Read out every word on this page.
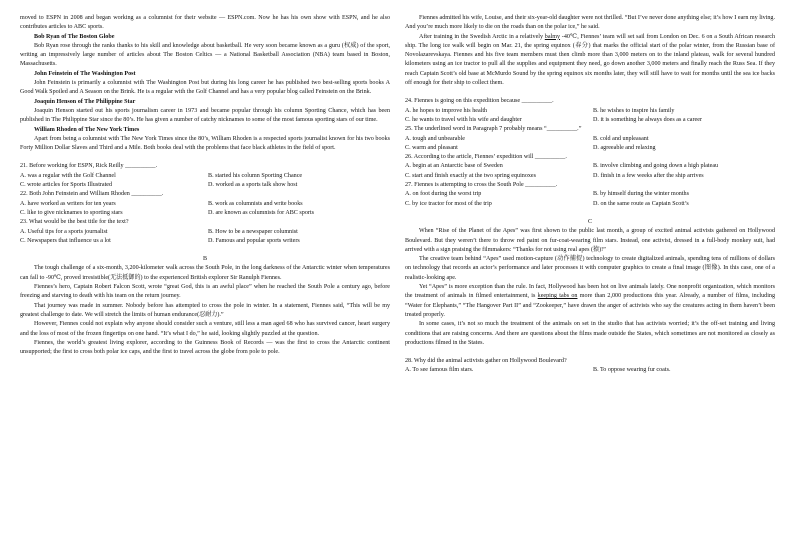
moved to ESPN in 2008 and began working as a columnist for their website — ESPN.com. Now he has his own show with ESPN, and he also contributes articles to ABC sports.

Bob Ryan of The Boston Globe

Bob Ryan rose through the ranks thanks to his skill and knowledge about basketball. He very soon became known as a guru (权威) of the sport, writing an impressively large number of articles about The Boston Celtics — a National Basketball Association (NBA) team based in Boston, Massachusetts.

John Feinstein of The Washington Post

John Feinstein is primarily a columnist with The Washington Post but during his long career he has published two best-selling sports books A Good Walk Spoiled and A Season on the Brink. He is a regular with the Golf Channel and has a very popular blog called Feinstein on the Brink.

Joaquin Henson of The Philippine Star

Joaquin Henson started out his sports journalism career in 1973 and became popular through his column Sporting Chance, which has been published in The Philippine Star since the 80’s. He has given a number of catchy nicknames to some of the most famous sporting stars of our time.

William Rhoden of The New York Times

Apart from being a columnist with The New York Times since the 80’s, William Rhoden is a respected sports journalist known for his two books Forty Million Dollar Slaves and Third and a Mile. Both books deal with the problems that face black athletes in the field of sport.

21. Before working for ESPN, Rick Reilly __________.

A. was a regular with the Golf Channel	B. started his column Sporting Chance
C. wrote articles for Sports Illustrated	D. worked as a sports talk show host

22. Both John Feinstein and William Rhoden __________.

A. have worked as writers for ten years	B. work as columnists and write books
C. like to give nicknames to sporting stars	D. are known as columnists for ABC sports

23. What would be the best title for the text?

A. Useful tips for a sports journalist	B. How to be a newspaper columnist
C. Newspapers that influence us a lot	D. Famous and popular sports writers

B

The tough challenge of a six-month, 3,200-kilometer walk across the South Pole, in the long darkness of the Antarctic winter when temperatures can fall to -90℃, proved irresistible(无法抵御的) to the experienced British explorer Sir Ranulph Fiennes.

Fiennes’s hero, Captain Robert Falcon Scott, wrote “great God, this is an awful place” when he reached the South Pole a century ago, before freezing and starving to death with his team on the return journey.

That journey was made in summer. Nobody before has attempted to cross the pole in winter. In a statement, Fiennes said, “This will be my greatest challenge to date. We will stretch the limits of human endurance(忍耐力).”

However, Fiennes could not explain why anyone should consider such a venture, still less a man aged 68 who has survived cancer, heart surgery and the loss of most of the frozen fingertips on one hand. “It’s what I do,” he said, looking slightly puzzled at the question.

Fiennes, the world’s greatest living explorer, according to the Guinness Book of Records — was the first to cross the Antarctic continent unsupported; the first to cross both polar ice caps, and the first to travel across the globe from pole to pole.

Fiennes admitted his wife, Louise, and their six-year-old daughter were not thrilled. “But I’ve never done anything else; it’s how I earn my living. And you’re much more likely to die on the roads than on the polar ice,” he said.

After training in the Swedish Arctic in a relatively balmy -40℃, Fiennes’ team will set sail from London on Dec. 6 on a South African research ship. The long ice walk will begin on Mar. 21, the spring equinox (春分) that marks the official start of the polar winter, from the Russian base of Novolazarevskaya. Fiennes and his five team members must then climb more than 3,000 meters on to the inland plateau, walk for several hundred kilometers using an ice tractor to pull all the supplies and equipment they need, go down another 3,000 meters and finally reach the Russ Sea. If they reach Captain Scott’s old base at McMurdo Sound by the spring equinox six months later, they will still have to wait for months until the sea ice backs off enough for their ship to collect them.

24. Fiennes is going on this expedition because __________.

A. he hopes to improve his health	B. he wishes to inspire his family
C. he wants to travel with his wife and daughter	D. it is something he always does as a career

25. The underlined word in Paragraph 7 probably means “__________.”

A. tough and unbearable	B. cold and unpleasant
C. warm and pleasant	D. agreeable and relaxing

26. According to the article, Fiennes’ expedition will __________.

A. begin at an Antarctic base of Sweden	B. involve climbing and going down a high plateau
C. start and finish exactly at the two spring equinoxes	D. finish in a few weeks after the ship arrives

27. Fiennes is attempting to cross the South Pole __________.

A. on foot during the worst trip	B. by himself during the winter months
C. by ice tractor for most of the trip	D. on the same route as Captain Scott’s

C

When “Rise of the Planet of the Apes” was first shown to the public last month, a group of excited animal activists gathered on Hollywood Boulevard. But they weren’t there to throw red paint on fur-coat-wearing film stars. Instead, one activist, dressed in a full-body monkey suit, had arrived with a sign praising the filmmakers: “Thanks for not using real apes (猿)!”

The creative team behind “Apes” used motion-capture (动作捕捉) technology to create digitalized animals, spending tens of millions of dollars on technology that records an actor’s performance and later processes it with computer graphics to create a final image (图像). In this case, one of a realistic-looking ape.

Yet “Apes” is more exception than the rule. In fact, Hollywood has been hot on live animals lately. One nonprofit organization, which monitors the treatment of animals in filmed entertainment, is keeping tabs on more than 2,000 productions this year. Already, a number of films, including “Water for Elephants,” “The Hangover Part II” and “Zookeeper,” have drawn the anger of activists who say the creatures acting in them haven’t been treated properly.

In some cases, it’s not so much the treatment of the animals on set in the studio that has activists worried; it’s the off-set training and living conditions that are raising concerns. And there are questions about the films made outside the States, which sometimes are not monitored as closely as productions filmed in the States.

28. Why did the animal activists gather on Hollywood Boulevard?

A. To see famous film stars.	B. To oppose wearing fur coats.
